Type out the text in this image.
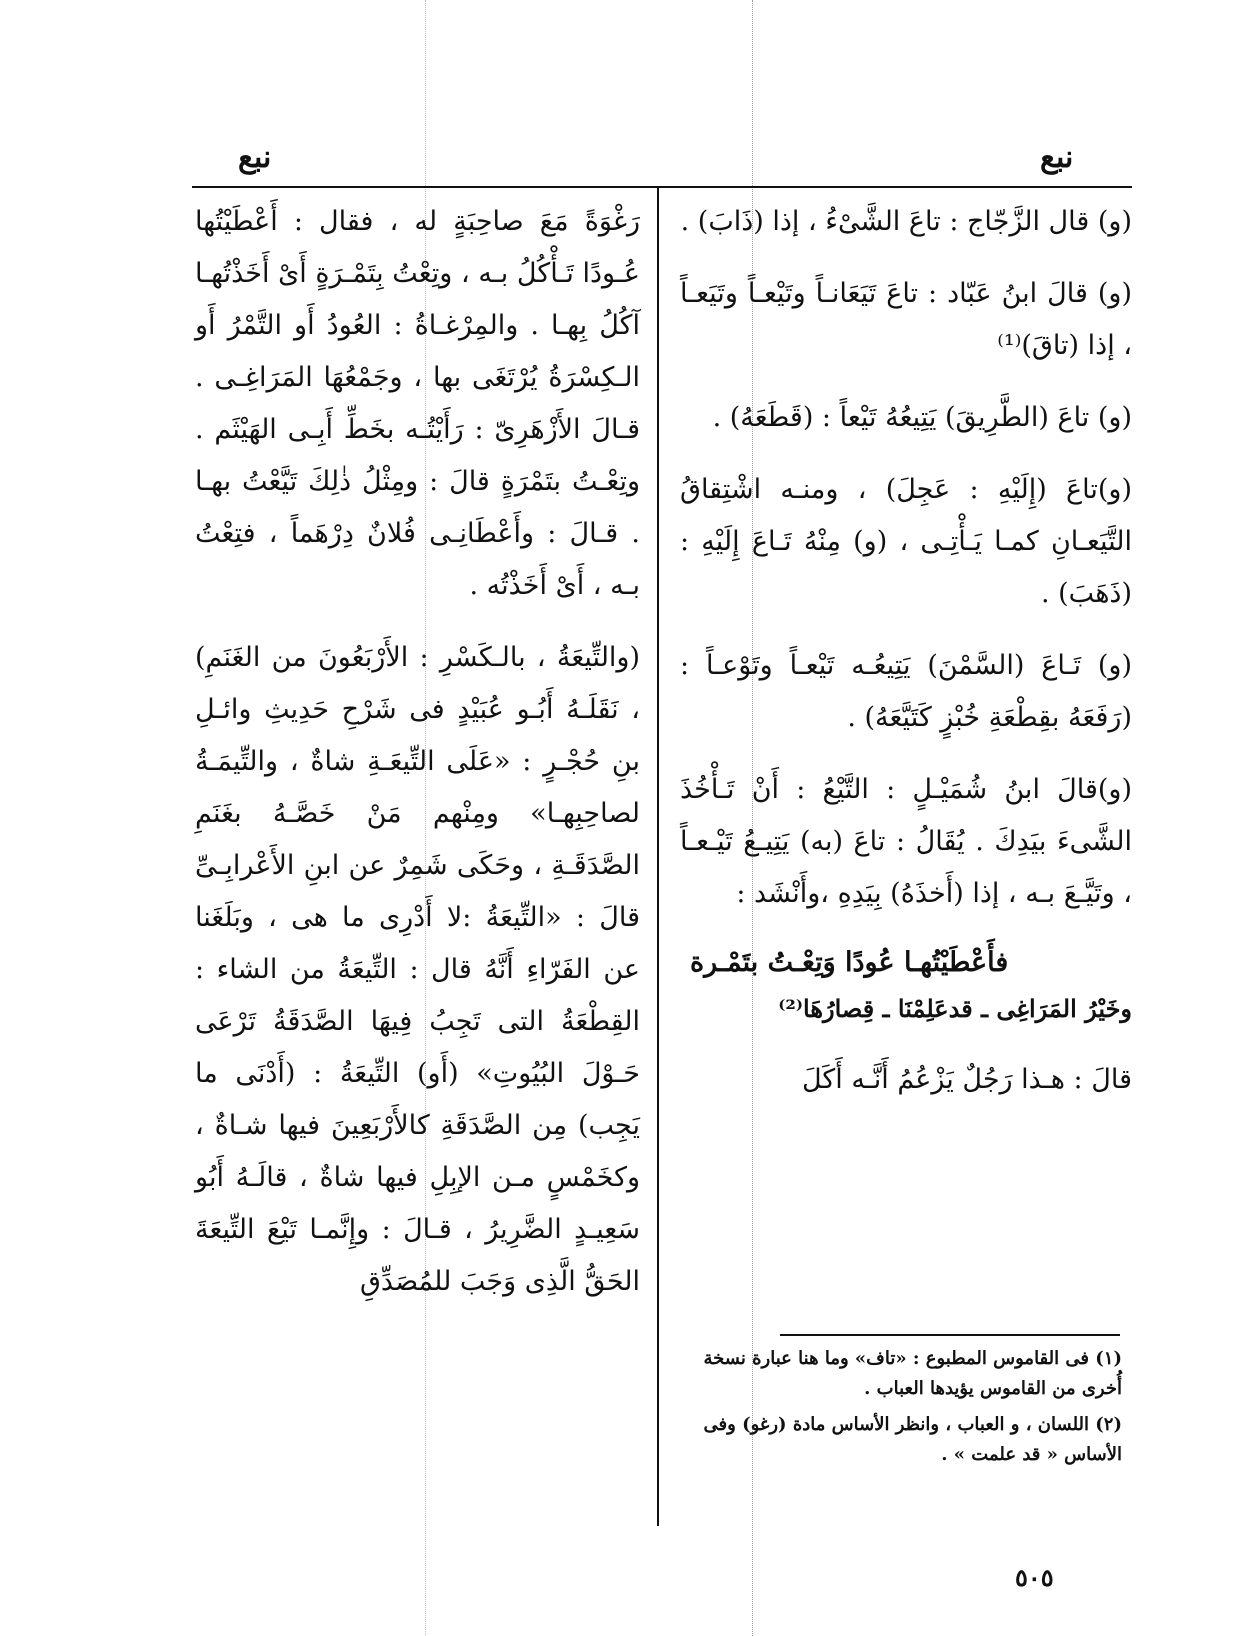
نبع	نبع

(و) قال الزَّجّاج : تاعَ الشَّىْءُ ، إذا (ذَابَ) .

(و) قالَ ابنُ عَبّاد : تاعَ تَيَعَانـاً وتَيْعـاً وتَيَعـاً ، إذا (تاقَ)⁽¹⁾

(و) تاعَ (الطَّرِيقَ) يَتِيعُهُ تَيْعاً : (قَطَعَهُ) .

(و)تاعَ (إِلَيْهِ : عَجِلَ) ، ومنـه اشْتِقاقُ التَّيَعـانِ كمـا يَـأْتِـى ، (و) مِنْهُ تَـاعَ إِلَيْهِ :(ذَهَبَ) .

(و) تَـاعَ (السَّمْنَ) يَتِيعُـه تَيْعـاً وتَوْعـاً :(رَفَعَهُ بقِطْعَةِ خُبْزٍ كَتَيَّعَهُ) .

(و)قالَ ابنُ شُمَيْـلٍ : التَّيْعُ : أَنْ تَـأْخُذَ الشَّىءَ بيَدِكَ . يُقَالُ : تاعَ (به) يَتِيـعُ تَيْـعـاً ، وتَيَّـعَ بـه ، إذا (أَخذَهُ) بِيَدِهِ ،وأَنْشَد :

فأَعْطَيْتُهـا عُودًا وَتِعْـتُ بتَمْـرة
وخَيْرُ المَرَاغِى ـ قدعَلِمْنَا ـ قِصارُهَا⁽²⁾

قالَ : هـذا رَجُلٌ يَزْعُمُ أَنَّـه أَكَلَ

رَغْوَةً مَعَ صاحِبَةٍ له ، فقال : أَعْطَيْتُها عُـودًا تَـأْكُلُ بـه ، وتِعْتُ بِتَمْـرَةٍ أَىْ أَخَذْتُهـا آكُلُ بِهـا . والمِرْغـاةُ : العُودُ أَو التَّمْرُ أَو الـكِسْرَةُ يُرْتَغَى بها ، وجَمْعُهَا المَرَاغِـى . قـالَ الأَزْهَرِىّ : رَأَيْتُـه بخَطِّ أَبِـى الهَيْثَم . وتِعْـتُ بتَمْرَةٍ قالَ : ومِثْلُ ذٰلِكَ تَيَّعْتُ بهـا . قـالَ : وأَعْطَانِـى فُلانٌ دِرْهَماً ، فتِعْتُ بـه ، أَىْ أَخَذْتُه .

(والتِّيعَةُ ، بالـكَسْرِ : الأَرْبَعُونَ من الغَنَمِ) ، نَقَلَـهُ أَبُـو عُبَيْدٍ فى شَرْحِ حَدِيثِ وائـلِ بنِ حُجْـرٍ : «عَلَى التِّيعَـةِ شاةٌ ، والتِّيمَـةُ لصاحِبِهـا» ومِنْهم مَنْ خَصَّـهُ بغَنَمِ الصَّدَقَـةِ ، وحَكَى شَمِرٌ عن ابنِ الأَعْرابِـىِّ قالَ : «التِّيعَةُ :لا أَدْرِى ما هى ، وبَلَغَنا عن الفَرّاءِ أَنَّهُ قال : التِّيعَةُ من الشاء : القِطْعَةُ التى تَجِبُ فِيهَا الصَّدَقَةُ تَرْعَى حَـوْلَ البُيُوتِ» (أَو) التِّيعَةُ : (أَدْنَى ما يَجِب) مِن الصَّدَقَةِ كالأَرْبَعِينَ فيها شـاةٌ ، وكخَمْسٍ مـن الإبِلِ فيها شاةٌ ، قالَـهُ أَبُو سَعِيـدٍ الضَّرِيرُ ، قـالَ : وإِنَّمـا تَيْعَ التِّيعَةَ الحَقُّ الَّذِى وَجَبَ للمُصَدِّقِ

(١) فى القاموس المطبوع : «تاف» وما هنا عبارة نسخة أُخرى من القاموس يؤيدها العباب .

(٢) اللسان ، و العباب ، وانظر الأساس مادة (رغو) وفى الأساس « قد علمت » .

٥٠٥
